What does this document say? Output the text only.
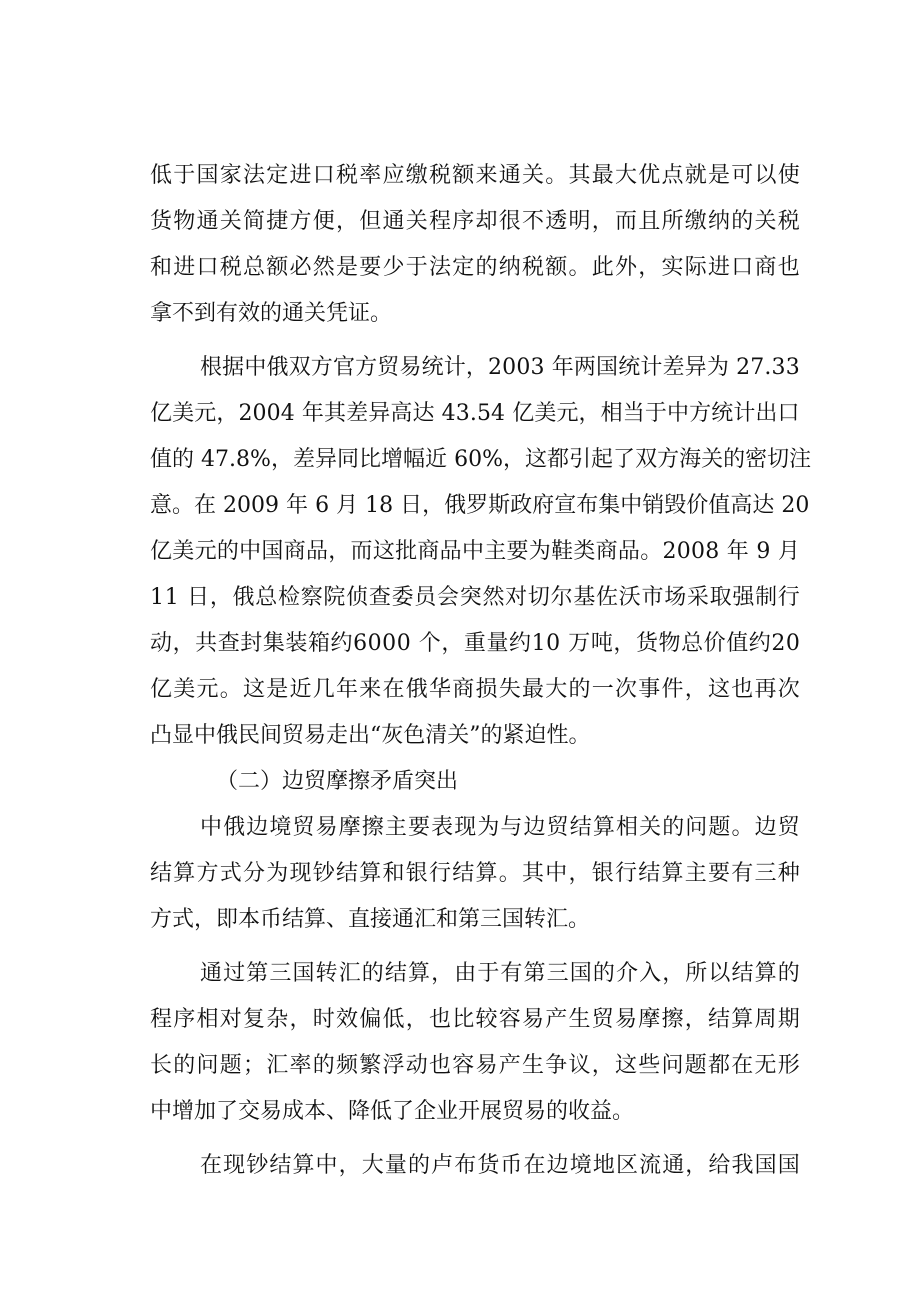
低 于 国 家 法 定 进 口 税 率 应 缴 税 额 来 通 关 。 其 最 大 优 点 就 是 可 以 使
货 物 通 关 简 捷 方 便 ， 但 通 关 程 序 却 很 不 透 明 ， 而 且 所 缴 纳 的 关 税
和 进 口 税 总 额 必 然 是 要 少 于 法 定 的 纳 税 额 。 此 外 ， 实 际 进 口 商 也
拿不到有效的通关凭证。
根 据 中 俄 双 方 官 方 贸 易 统 计 ， 2 0 0 3
年 两 国 统 计 差 异 为
2 7 . 3 3
亿 美 元 ， 2 0 0 4
年 其 差 异 高 达
4 3 . 5 4
亿 美 元 ， 相 当 于 中 方 统 计 出 口
值 的
4 7 . 8 % ， 差 异 同 比 增 幅 近
6 0 % ， 这 都 引 起 了 双 方 海 关 的 密 切 注
意 。 在
2 0 0 9
年
6
月
1 8
日 ， 俄 罗 斯 政 府 宣 布 集 中 销 毁 价 值 高 达
2 0
亿 美 元 的 中 国 商 品 ， 而 这 批 商 品 中 主 要 为 鞋 类 商 品 。 2 0 0 8
年
9
月
1 1
日 ， 俄 总 检 察 院 侦 查 委 员 会 突 然 对 切 尔 基 佐 沃 市 场 采 取 强 制 行
动 ， 共 查 封 集 装 箱 约 6 0 0 0
个 ， 重 量 约 1 0
万 吨 ， 货 物 总 价 值 约 2 0
亿 美 元 。 这 是 近 几 年 来 在 俄 华 商 损 失 最 大 的 一 次 事 件 ， 这 也 再 次
凸显中俄民间贸易走出“灰色清关”的紧迫性。
（二）边贸摩擦矛盾突出
中 俄 边 境 贸 易 摩 擦 主 要 表 现 为 与 边 贸 结 算 相 关 的 问 题 。 边 贸
结 算 方 式 分 为 现 钞 结 算 和 银 行 结 算 。 其 中 ， 银 行 结 算 主 要 有 三 种
方式，即本币结算、直接通汇和第三国转汇。
通 过 第 三 国 转 汇 的 结 算 ， 由 于 有 第 三 国 的 介 入 ， 所 以 结 算 的
程 序 相 对 复 杂 ， 时 效 偏 低 ， 也 比 较 容 易 产 生 贸 易 摩 擦 ， 结 算 周 期
长 的 问 题 ； 汇 率 的 频 繁 浮 动 也 容 易 产 生 争 议 ， 这 些 问 题 都 在 无 形
中增加了交易成本、降低了企业开展贸易的收益。
在 现 钞 结 算 中 ， 大 量 的 卢 布 货 币 在 边 境 地 区 流 通 ， 给 我 国 国
